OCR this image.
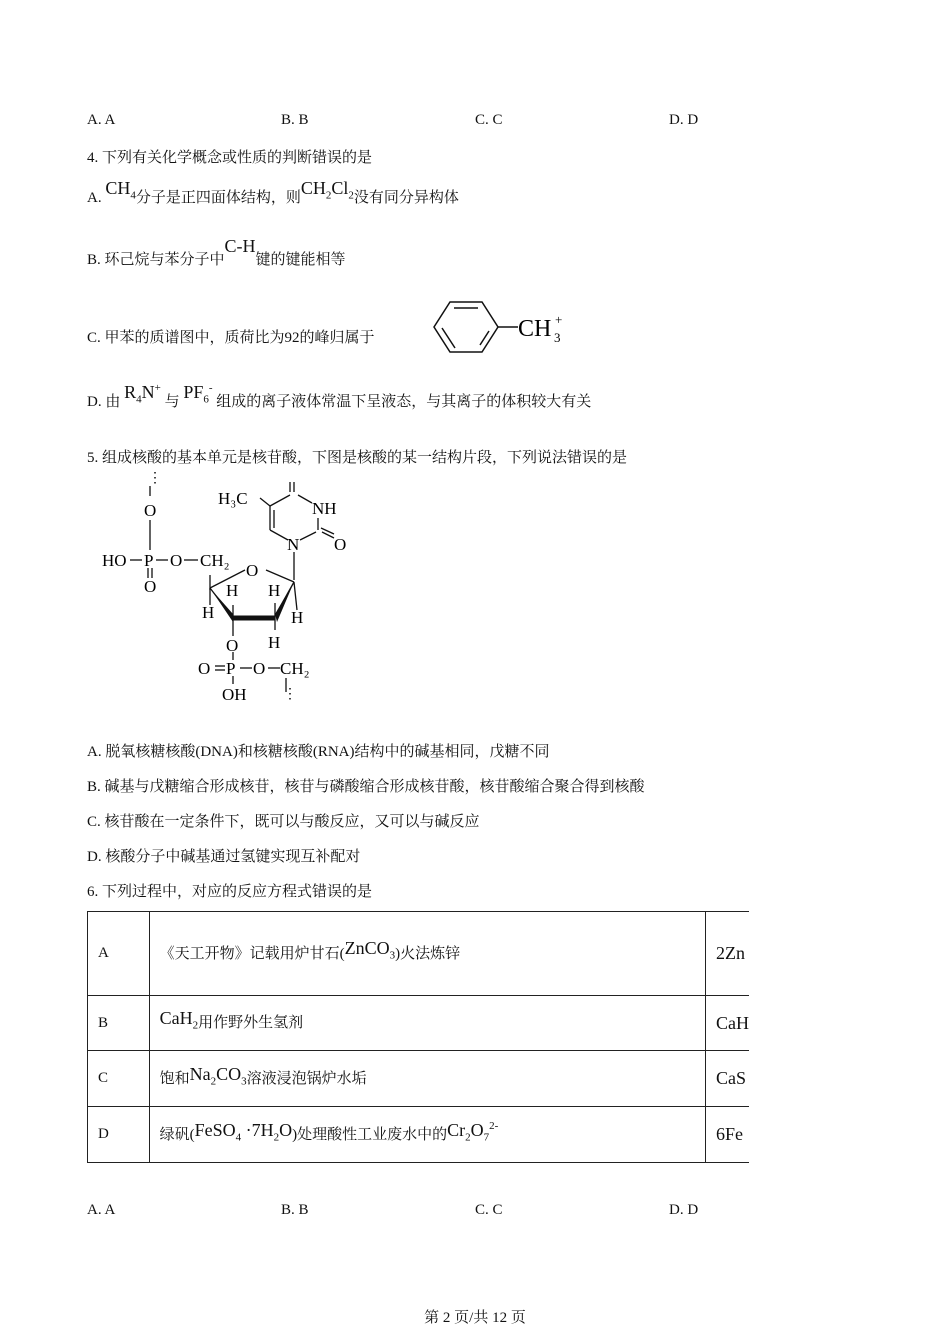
A. A	B. B	C. C	D. D
4. 下列有关化学概念或性质的判断错误的是
A. $CH_4$分子是正四面体结构，则$CH_2Cl_2$没有同分异构体
B. 环己烷与苯分子中C-H键的键能相等
C. 甲苯的质谱图中，质荷比为92的峰归属于	CH 3
+
D. 由 $R_4N^+$ 与 $PF_6^-$ 组成的离子液体常温下呈液态，与其离子的体积较大有关
5. 组成核酸的基本单元是核苷酸，下图是核酸的某一结构片段，下列说法错误的是
⋮
⋮
H₃C
NH
N O
O
HO P O CH₂
O
O	H H
H	H
H
O
O P O CH₂
OH
A. 脱氧核糖核酸(DNA)和核糖核酸(RNA)结构中的碱基相同，戊糖不同
B. 碱基与戊糖缩合形成核苷，核苷与磷酸缩合形成核苷酸，核苷酸缩合聚合得到核酸
C. 核苷酸在一定条件下，既可以与酸反应，又可以与碱反应
D. 核酸分子中碱基通过氢键实现互补配对
6. 下列过程中，对应的反应方程式错误的是
A	《天工开物》记载用炉甘石(ZnCO$_3$)火法炼锌	2Zn
B	CaH$_2$用作野外生氢剂	CaH
C	饱和$Na_2CO_3$溶液浸泡锅炉水垢	CaS
D	绿矾(FeSO$_4$ $\cdot 7H_2O$)处理酸性工业废水中的$Cr_2O_7^{2-}$	6Fe
A. A	B. B	C. C	D. D
第 2 页/共 12 页
